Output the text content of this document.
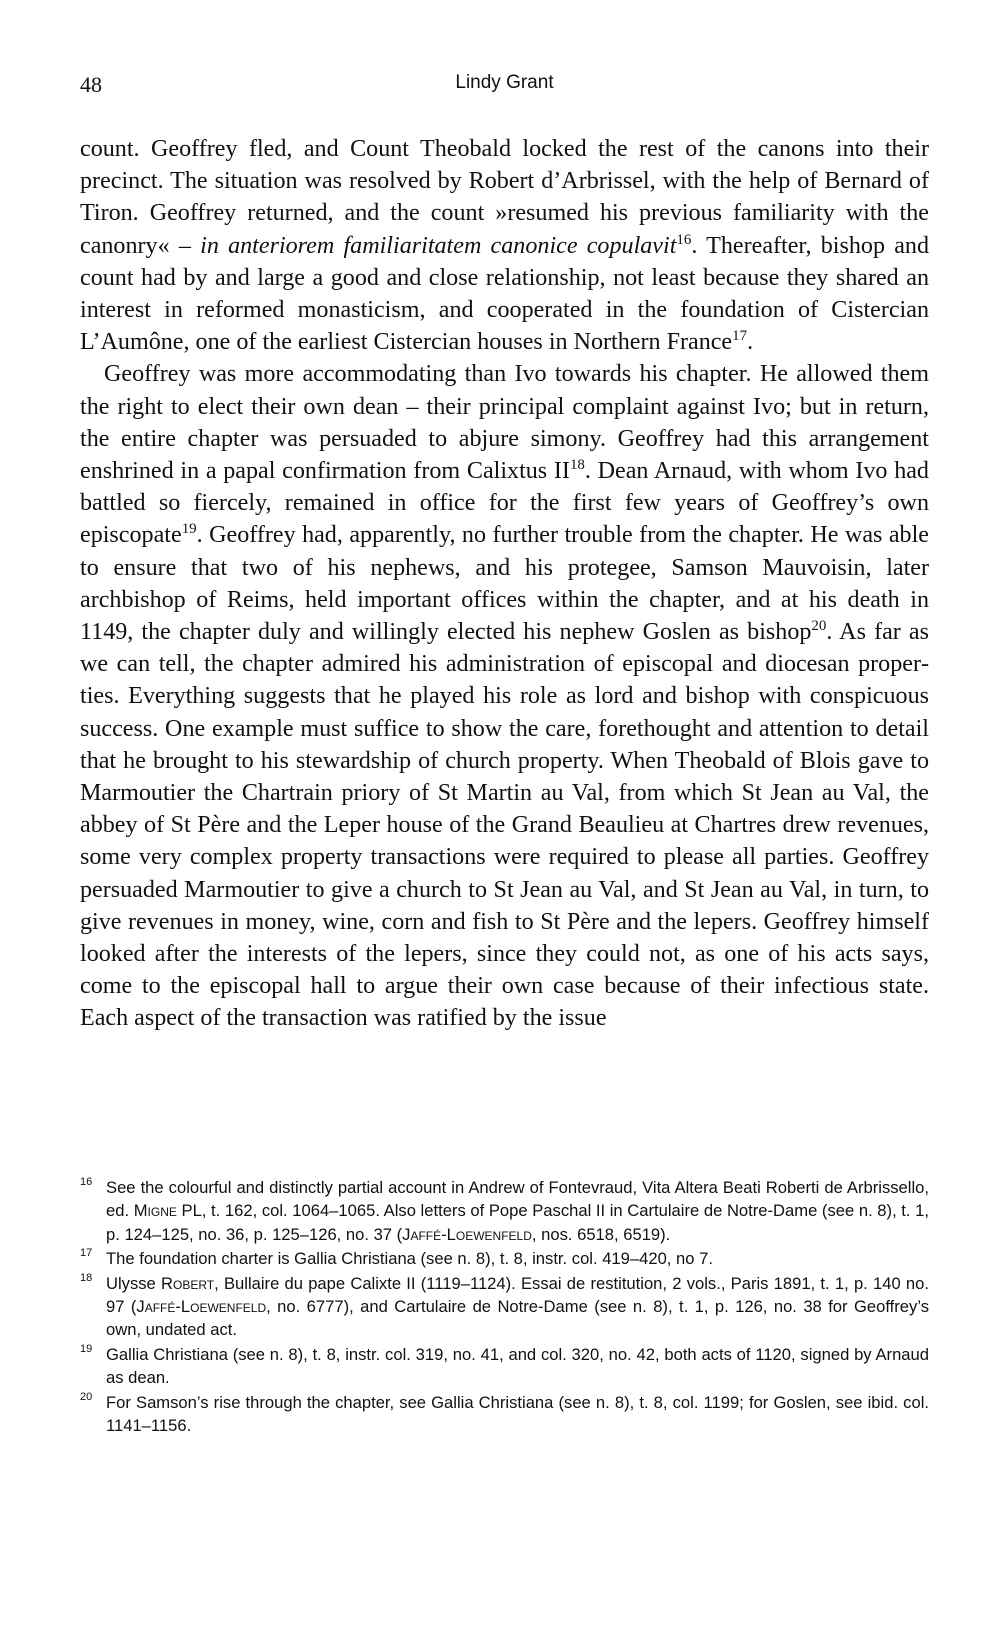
48	Lindy Grant

count. Geoffrey fled, and Count Theobald locked the rest of the canons into their precinct. The situation was resolved by Robert d’Arbrissel, with the help of Bernard of Tiron. Geoffrey returned, and the count »resumed his previous familiarity with the canonry« – in anteriorem familiaritatem canonice copulavit$^{16}$. Thereafter, bishop and count had by and large a good and close relationship, not least because they shared an interest in reformed monasticism, and cooperated in the foundation of Cistercian L’Aumône, one of the earliest Cistercian houses in Northern France$^{17}$.

Geoffrey was more accommodating than Ivo towards his chapter. He allowed them the right to elect their own dean – their principal complaint against Ivo; but in return, the entire chapter was persuaded to abjure simony. Geoffrey had this arrangement enshrined in a papal confirmation from Calixtus II$^{18}$. Dean Arnaud, with whom Ivo had battled so fiercely, remained in office for the first few years of Geoffrey’s own episcopate$^{19}$. Geoffrey had, apparently, no further trouble from the chapter. He was able to ensure that two of his nephews, and his protegee, Samson Mauvoisin, later archbishop of Reims, held important offices within the chapter, and at his death in 1149, the chapter duly and willingly elected his nephew Goslen as bishop$^{20}$. As far as we can tell, the chapter admired his administration of episcopal and diocesan properties. Everything suggests that he played his role as lord and bishop with conspicuous success. One example must suffice to show the care, forethought and attention to detail that he brought to his stewardship of church property. When Theobald of Blois gave to Marmoutier the Chartrain priory of St Martin au Val, from which St Jean au Val, the abbey of St Père and the Leper house of the Grand Beaulieu at Chartres drew revenues, some very complex property transactions were required to please all parties. Geoffrey persuaded Marmoutier to give a church to St Jean au Val, and St Jean au Val, in turn, to give revenues in money, wine, corn and fish to St Père and the lepers. Geoffrey himself looked after the interests of the lepers, since they could not, as one of his acts says, come to the episcopal hall to argue their own case because of their infectious state. Each aspect of the transaction was ratified by the issue

16 See the colourful and distinctly partial account in Andrew of Fontevraud, Vita Altera Beati Roberti de Arbrissello, ed. Migne PL, t. 162, col. 1064–1065. Also letters of Pope Paschal II in Cartulaire de Notre-Dame (see n. 8), t. 1, p. 124–125, no. 36, p. 125–126, no. 37 (Jaffé-Loewenfeld, nos. 6518, 6519).
17 The foundation charter is Gallia Christiana (see n. 8), t. 8, instr. col. 419–420, no 7.
18 Ulysse Robert, Bullaire du pape Calixte II (1119–1124). Essai de restitution, 2 vols., Paris 1891, t. 1, p. 140 no. 97 (Jaffé-Loewenfeld, no. 6777), and Cartulaire de Notre-Dame (see n. 8), t. 1, p. 126, no. 38 for Geoffrey’s own, undated act.
19 Gallia Christiana (see n. 8), t. 8, instr. col. 319, no. 41, and col. 320, no. 42, both acts of 1120, signed by Arnaud as dean.
20 For Samson’s rise through the chapter, see Gallia Christiana (see n. 8), t. 8, col. 1199; for Goslen, see ibid. col. 1141–1156.
